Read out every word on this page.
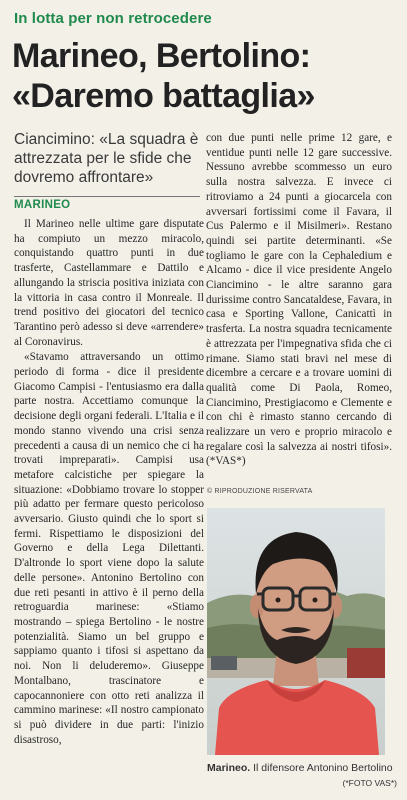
In lotta per non retrocedere
Marineo, Bertolino:
«Daremo battaglia»
Ciancimino: «La squadra è attrezzata per le sfide che dovremo affrontare»
MARINEO

Il Marineo nelle ultime gare disputate ha compiuto un mezzo miracolo, conquistando quattro punti in due trasferte, Castellammare e Dattilo e allungando la striscia positiva iniziata con la vittoria in casa contro il Monreale. Il trend positivo dei giocatori del tecnico Tarantino però adesso si deve «arrendere» al Coronavirus.

«Stavamo attraversando un ottimo periodo di forma - dice il presidente Giacomo Campisi - l'entusiasmo era dalla parte nostra. Accettiamo comunque la decisione degli organi federali. L'Italia e il mondo stanno vivendo una crisi senza precedenti a causa di un nemico che ci ha trovati impreparati». Campisi usa metafore calcistiche per spiegare la situazione: «Dobbiamo trovare lo stopper più adatto per fermare questo pericoloso avversario. Giusto quindi che lo sport si fermi. Rispettiamo le disposizioni del Governo e della Lega Dilettanti. D'altronde lo sport viene dopo la salute delle persone». Antonino Bertolino con due reti pesanti in attivo è il perno della retroguardia marinese: «Stiamo mostrando – spiega Bertolino - le nostre potenzialità. Siamo un bel gruppo e sappiamo quanto i tifosi si aspettano da noi. Non li deluderemo». Giuseppe Montalbano, trascinatore e capocannoniere con otto reti analizza il cammino marinese: «Il nostro campionato si può dividere in due parti: l'inizio disastroso,

con due punti nelle prime 12 gare, e ventidue punti nelle 12 gare successive. Nessuno avrebbe scommesso un euro sulla nostra salvezza. E invece ci ritroviamo a 24 punti a giocarcela con avversari fortissimi come il Favara, il Cus Palermo e il Misilmeri». Restano quindi sei partite determinanti. «Se togliamo le gare con la Cephaledium e Alcamo - dice il vice presidente Angelo Ciancimino - le altre saranno gara durissime contro Sancataldese, Favara, in casa e Sporting Vallone, Canicattì in trasferta. La nostra squadra tecnicamente è attrezzata per l'impegnativa sfida che ci rimane. Siamo stati bravi nel mese di dicembre a cercare e a trovare uomini di qualità come Di Paola, Romeo, Ciancimino, Prestigiacomo e Clemente e con chi è rimasto stanno cercando di realizzare un vero e proprio miracolo e regalare così la salvezza ai nostri tifosi». (*VAS*)

© RIPRODUZIONE RISERVATA
Marineo. Il difensore Antonino Bertolino
(*FOTO VAS*)
